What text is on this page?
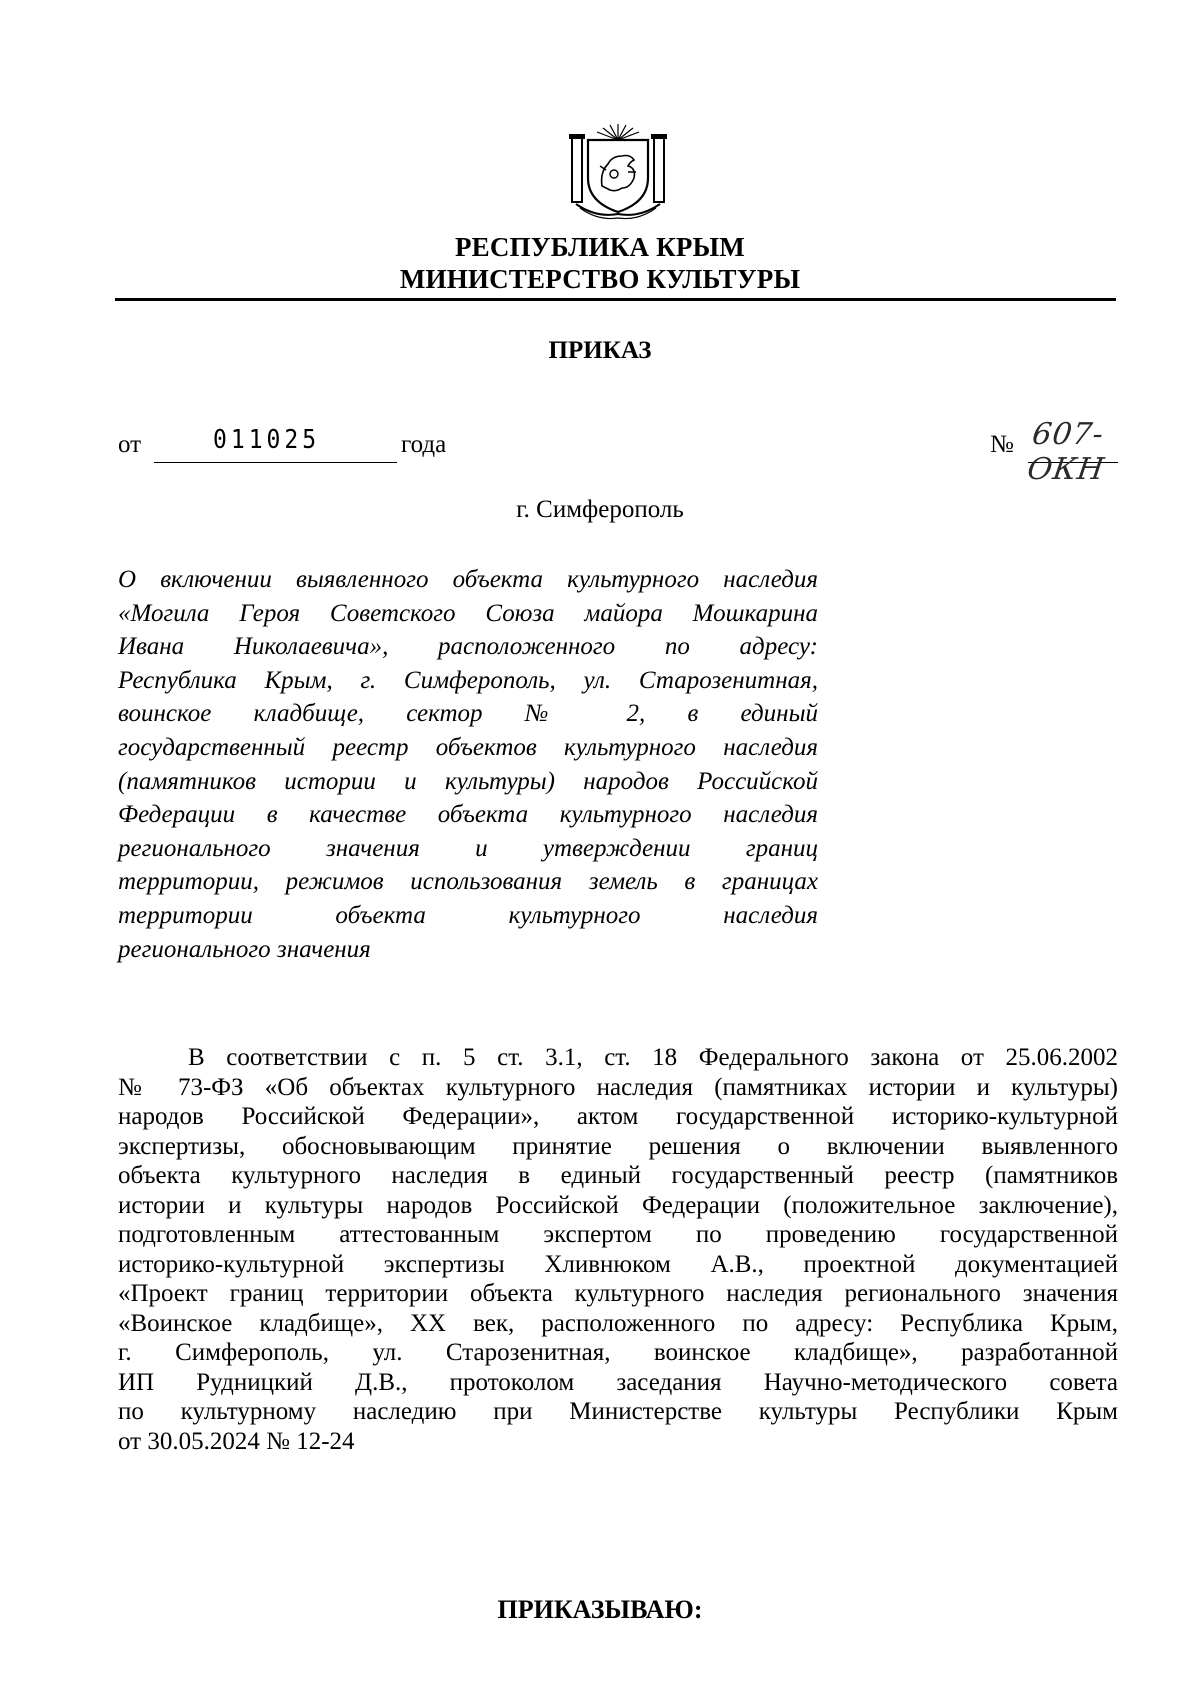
РЕСПУБЛИКА КРЫМ
МИНИСТЕРСТВО КУЛЬТУРЫ
ПРИКАЗ
от	011025	года	№ 607-ОКН
г. Симферополь
О включении выявленного объекта культурного наследия
«Могила Героя Советского Союза майора Мошкарина
Ивана Николаевича», расположенного по адресу:
Республика Крым, г. Симферополь, ул. Старозенитная,
воинское кладбище, сектор № 2, в единый
государственный реестр объектов культурного наследия
(памятников истории и культуры) народов Российской
Федерации в качестве объекта культурного наследия
регионального значения и утверждении границ
территории, режимов использования земель в границах
территории объекта культурного наследия
регионального значения
В соответствии с п. 5 ст. 3.1, ст. 18 Федерального закона от 25.06.2002
№ 73-ФЗ «Об объектах культурного наследия (памятниках истории и культуры)
народов Российской Федерации», актом государственной историко-культурной
экспертизы, обосновывающим принятие решения о включении выявленного
объекта культурного наследия в единый государственный реестр (памятников
истории и культуры народов Российской Федерации (положительное заключение),
подготовленным аттестованным экспертом по проведению государственной
историко-культурной экспертизы Хливнюком А.В., проектной документацией
«Проект границ территории объекта культурного наследия регионального значения
«Воинское кладбище», XX век, расположенного по адресу: Республика Крым,
г. Симферополь, ул. Старозенитная, воинское кладбище», разработанной
ИП Рудницкий Д.В., протоколом заседания Научно-методического совета
по культурному наследию при Министерстве культуры Республики Крым
от 30.05.2024 № 12-24
ПРИКАЗЫВАЮ:
